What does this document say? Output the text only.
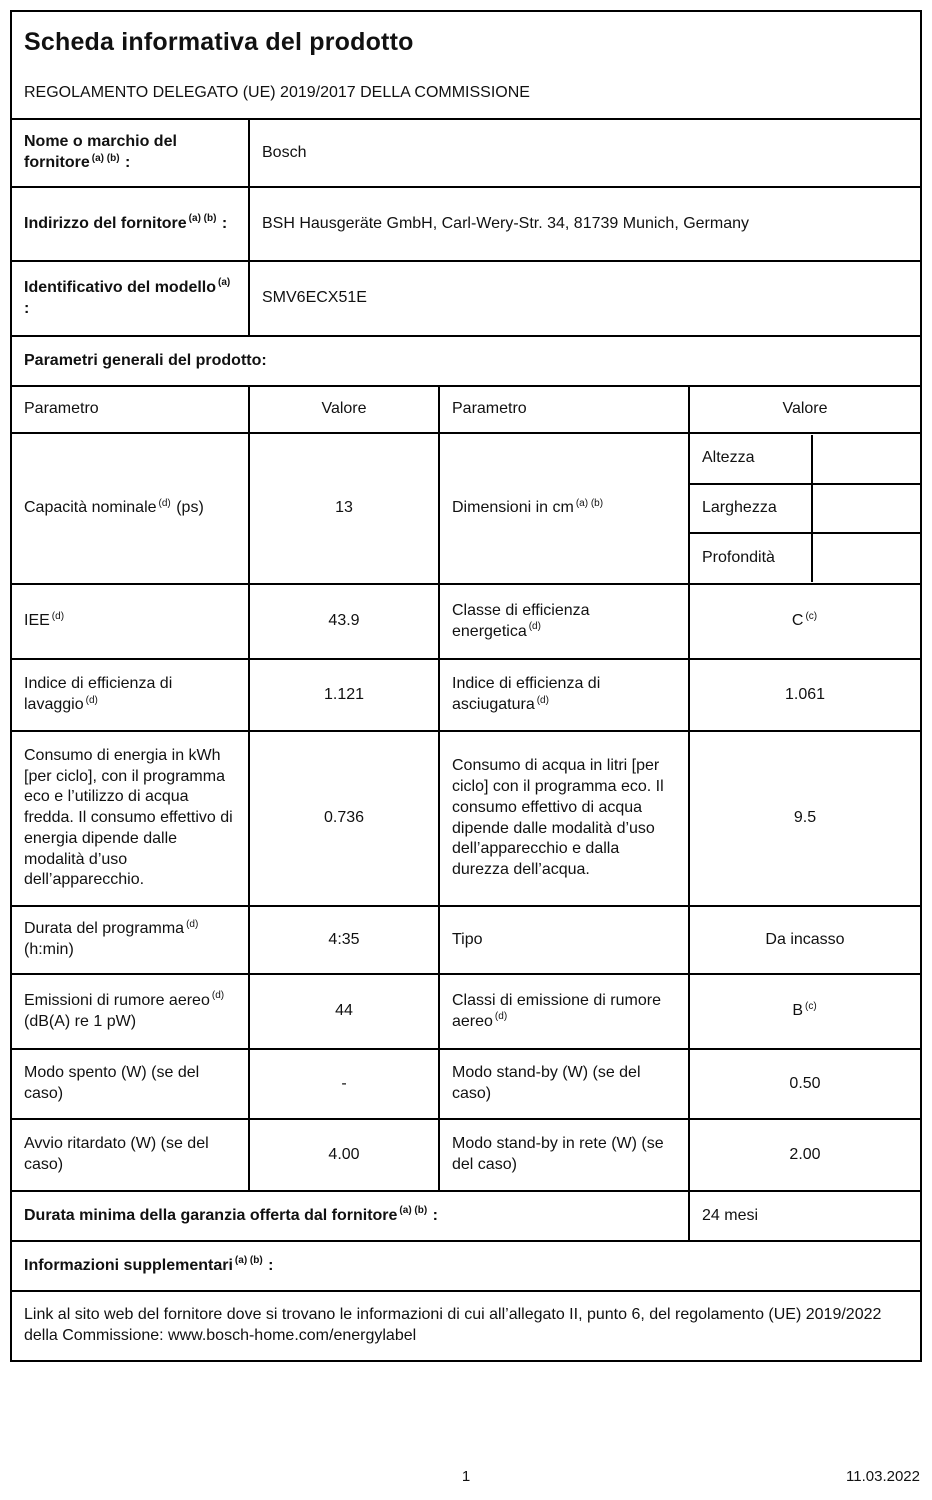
Scheda informativa del prodotto
REGOLAMENTO DELEGATO (UE) 2019/2017 DELLA COMMISSIONE			

Nome o marchio del fornitore $^{(a) (b)}$ :	Bosch		
Indirizzo del fornitore $^{(a) (b)}$ :	BSH Hausgeräte GmbH, Carl-Wery-Str. 34, 81739 Munich, Germany		
Identificativo del modello $^{(a)}$ :	SMV6ECX51E		
Parametri generali del prodotto:			
Parametro	Valore	Parametro	Valore
Capacità nominale $^{(d)}$ (ps)	13	Dimensioni in cm $^{(a) (b)}$	Altezza
Larghezza
Profondità

IEE $^{(d)}$	43.9	Classe di efficienza energetica $^{(d)}$	C $^{(c)}$
Indice di efficienza di lavaggio $^{(d)}$	1.121	Indice di efficienza di asciugatura $^{(d)}$	1.061
Consumo di energia in kWh [per ciclo], con il programma eco e l’utilizzo di acqua fredda. Il consumo effettivo di energia dipende dalle modalità d’uso dell’apparecchio.	0.736	Consumo di acqua in litri [per ciclo] con il programma eco. Il consumo effettivo di acqua dipende dalle modalità d’uso dell’apparecchio e dalla durezza dell’acqua.	9.5
Durata del programma $^{(d)}$ (h:min)	4:35	Tipo	Da incasso
Emissioni di rumore aereo $^{(d)}$ (dB(A) re 1 pW)	44	Classi di emissione di rumore aereo $^{(d)}$	B $^{(c)}$
Modo spento (W) (se del caso)	-	Modo stand-by (W) (se del caso)	0.50
Avvio ritardato (W) (se del caso)	4.00	Modo stand-by in rete (W) (se del caso)	2.00
Durata minima della garanzia offerta dal fornitore $^{(a) (b)}$ :			24 mesi
Informazioni supplementari $^{(a) (b)}$ :			
Link al sito web del fornitore dove si trovano le informazioni di cui all’allegato II, punto 6, del regolamento (UE) 2019/2022 della Commissione: www.bosch-home.com/energylabel			
1	11.03.2022
